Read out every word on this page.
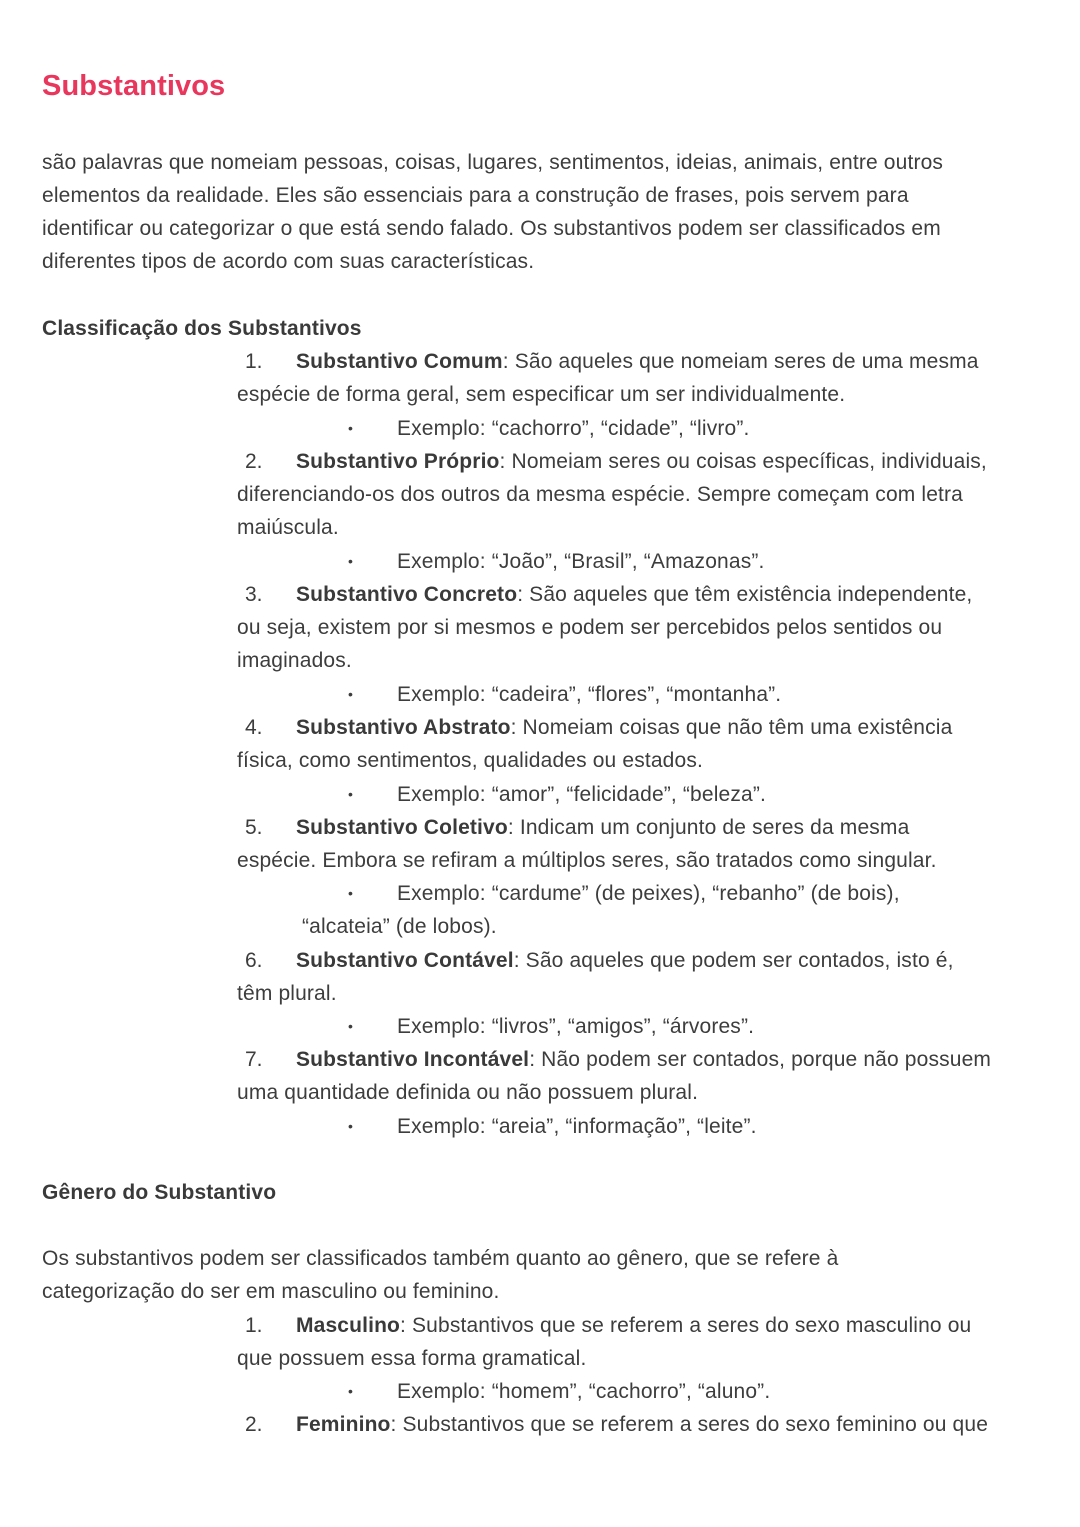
Substantivos
são palavras que nomeiam pessoas, coisas, lugares, sentimentos, ideias, animais, entre outros
elementos da realidade. Eles são essenciais para a construção de frases, pois servem para
identificar ou categorizar o que está sendo falado. Os substantivos podem ser classificados em
diferentes tipos de acordo com suas características.
Classificação dos Substantivos
1. Substantivo Comum: São aqueles que nomeiam seres de uma mesma
espécie de forma geral, sem especificar um ser individualmente.
• Exemplo: “cachorro”, “cidade”, “livro”.
2. Substantivo Próprio: Nomeiam seres ou coisas específicas, individuais,
diferenciando-os dos outros da mesma espécie. Sempre começam com letra
maiúscula.
• Exemplo: “João”, “Brasil”, “Amazonas”.
3. Substantivo Concreto: São aqueles que têm existência independente,
ou seja, existem por si mesmos e podem ser percebidos pelos sentidos ou
imaginados.
• Exemplo: “cadeira”, “flores”, “montanha”.
4. Substantivo Abstrato: Nomeiam coisas que não têm uma existência
física, como sentimentos, qualidades ou estados.
• Exemplo: “amor”, “felicidade”, “beleza”.
5. Substantivo Coletivo: Indicam um conjunto de seres da mesma
espécie. Embora se refiram a múltiplos seres, são tratados como singular.
• Exemplo: “cardume” (de peixes), “rebanho” (de bois),
“alcateia” (de lobos).
6. Substantivo Contável: São aqueles que podem ser contados, isto é,
têm plural.
• Exemplo: “livros”, “amigos”, “árvores”.
7. Substantivo Incontável: Não podem ser contados, porque não possuem
uma quantidade definida ou não possuem plural.
• Exemplo: “areia”, “informação”, “leite”.
Gênero do Substantivo
Os substantivos podem ser classificados também quanto ao gênero, que se refere à
categorização do ser em masculino ou feminino.
1. Masculino: Substantivos que se referem a seres do sexo masculino ou
que possuem essa forma gramatical.
• Exemplo: “homem”, “cachorro”, “aluno”.
2. Feminino: Substantivos que se referem a seres do sexo feminino ou que
